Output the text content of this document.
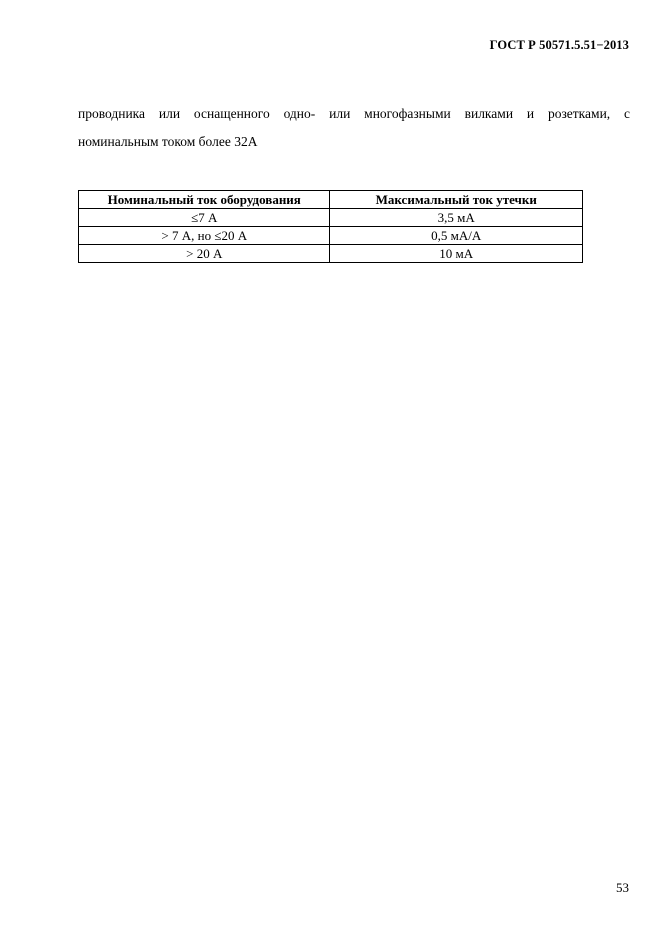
ГОСТ Р 50571.5.51−2013
проводника или оснащенного одно- или многофазными вилками и розетками, с
номинальным током более 32А
Номинальный ток оборудования	Максимальный ток утечки
≤7 А	3,5 мА
> 7 А, но ≤20 А	0,5 мА/А
> 20 А	10 мА
53
